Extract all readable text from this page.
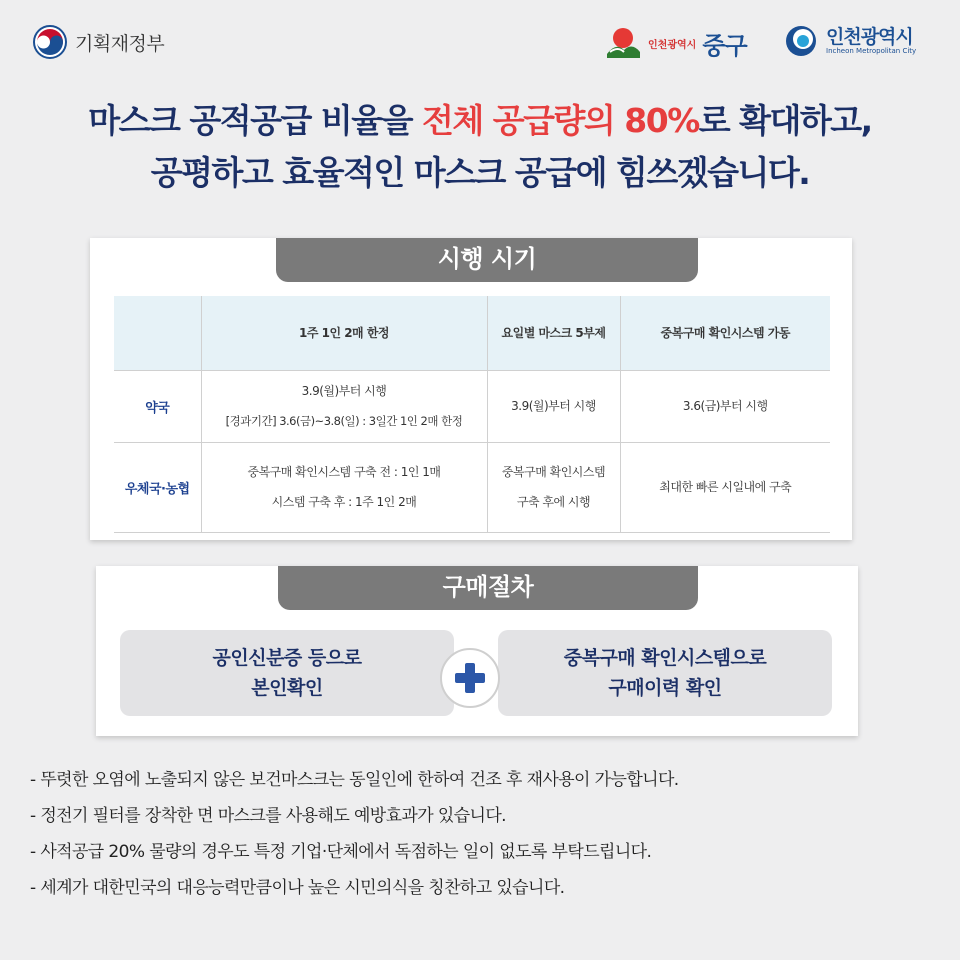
기획재정부	인천광역시 중구	인천광역시
Incheon Metropolitan City
마스크 공적공급 비율을 전체 공급량의 80%로 확대하고,
공평하고 효율적인 마스크 공급에 힘쓰겠습니다.
시행 시기
	1주 1인 2매 한정	요일별 마스크 5부제	중복구매 확인시스템 가동
약국	3.9(월)부터 시행
[경과기간] 3.6(금)~3.8(일) : 3일간 1인 2매 한정	3.9(월)부터 시행	3.6(금)부터 시행

우체국·농협	중복구매 확인시스템 구축 전 : 1인 1매
시스템 구축 후 : 1주 1인 2매	중복구매 확인시스템
구축 후에 시행	최대한 빠른 시일내에 구축
구매절차
공인신분증 등으로
본인확인
중복구매 확인시스템으로
구매이력 확인
- 뚜렷한 오염에 노출되지 않은 보건마스크는 동일인에 한하여 건조 후 재사용이 가능합니다.
- 정전기 필터를 장착한 면 마스크를 사용해도 예방효과가 있습니다.
- 사적공급 20% 물량의 경우도 특정 기업·단체에서 독점하는 일이 없도록 부탁드립니다.
- 세계가 대한민국의 대응능력만큼이나 높은 시민의식을 칭찬하고 있습니다.
